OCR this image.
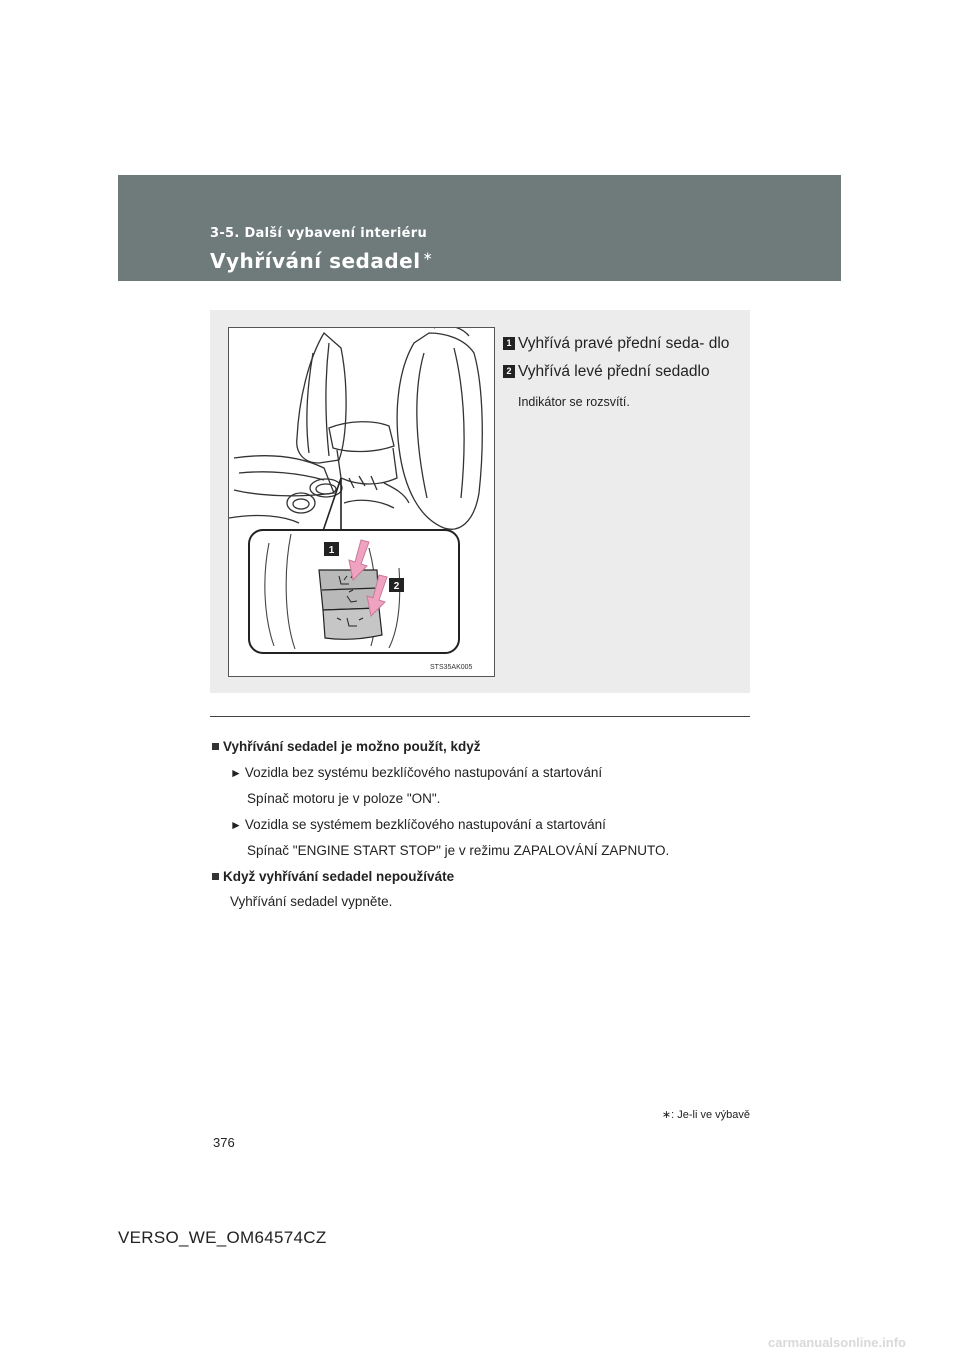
3-5. Další vybavení interiéru
Vyhřívání sedadel ∗
1
2
STS35AK005
1 Vyhřívá pravé přední seda- dlo
2 Vyhřívá levé přední sedadlo
Indikátor se rozsvítí.
Vyhřívání sedadel je možno použít, když
► Vozidla bez systému bezklíčového nastupování a startování
Spínač motoru je v poloze "ON".
► Vozidla se systémem bezklíčového nastupování a startování
Spínač "ENGINE START STOP" je v režimu ZAPALOVÁNÍ ZAPNUTO.
Když vyhřívání sedadel nepoužíváte
Vyhřívání sedadel vypněte.
∗: Je-li ve výbavě
376
VERSO_WE_OM64574CZ
carmanualsonline.info
